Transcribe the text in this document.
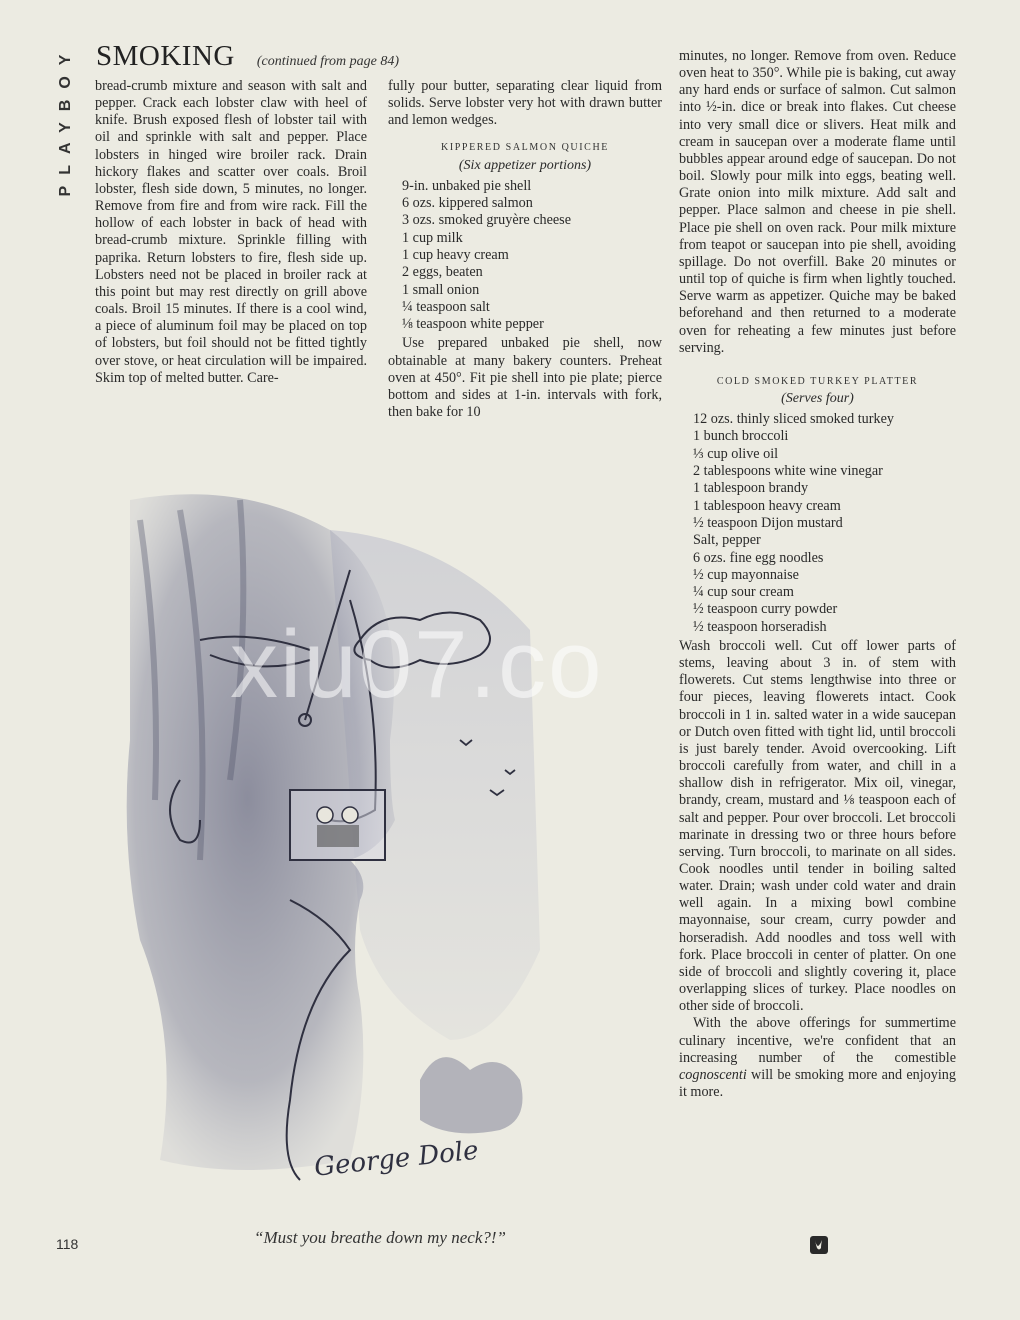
PLAYBOY SMOKING (continued from page 84)

bread-crumb mixture and season with salt and pepper. Crack each lobster claw with heel of knife. Brush exposed flesh of lobster tail with oil and sprinkle with salt and pepper. Place lobsters in hinged wire broiler rack. Drain hickory flakes and scatter over coals. Broil lobster, flesh side down, 5 minutes, no longer. Remove from fire and from wire rack. Fill the hollow of each lobster in back of head with bread-crumb mixture. Sprinkle filling with paprika. Return lobsters to fire, flesh side up. Lobsters need not be placed in broiler rack at this point but may rest directly on grill above coals. Broil 15 minutes. If there is a cool wind, a piece of aluminum foil may be placed on top of lobsters, but foil should not be fitted tightly over stove, or heat circulation will be impaired. Skim top of melted butter. Care-

fully pour butter, separating clear liquid from solids. Serve lobster very hot with drawn butter and lemon wedges.

KIPPERED SALMON QUICHE
(Six appetizer portions)
9-in. unbaked pie shell
6 ozs. kippered salmon
3 ozs. smoked gruyère cheese
1 cup milk
1 cup heavy cream
2 eggs, beaten
1 small onion
¼ teaspoon salt
⅛ teaspoon white pepper

Use prepared unbaked pie shell, now obtainable at many bakery counters. Preheat oven at 450°. Fit pie shell into pie plate; pierce bottom and sides at 1-in. intervals with fork, then bake for 10

minutes, no longer. Remove from oven. Reduce oven heat to 350°. While pie is baking, cut away any hard ends or surface of salmon. Cut salmon into ½-in. dice or break into flakes. Cut cheese into very small dice or slivers. Heat milk and cream in saucepan over a moderate flame until bubbles appear around edge of saucepan. Do not boil. Slowly pour milk into eggs, beating well. Grate onion into milk mixture. Add salt and pepper. Place salmon and cheese in pie shell. Place pie shell on oven rack. Pour milk mixture from teapot or saucepan into pie shell, avoiding spillage. Do not overfill. Bake 20 minutes or until top of quiche is firm when lightly touched. Serve warm as appetizer. Quiche may be baked beforehand and then returned to a moderate oven for reheating a few minutes just before serving.

COLD SMOKED TURKEY PLATTER
(Serves four)
12 ozs. thinly sliced smoked turkey
1 bunch broccoli
⅓ cup olive oil
2 tablespoons white wine vinegar
1 tablespoon brandy
1 tablespoon heavy cream
½ teaspoon Dijon mustard
Salt, pepper
6 ozs. fine egg noodles
½ cup mayonnaise
¼ cup sour cream
½ teaspoon curry powder
½ teaspoon horseradish

Wash broccoli well. Cut off lower parts of stems, leaving about 3 in. of stem with flowerets. Cut stems lengthwise into three or four pieces, leaving flowerets intact. Cook broccoli in 1 in. salted water in a wide saucepan or Dutch oven fitted with tight lid, until broccoli is just barely tender. Avoid overcooking. Lift broccoli carefully from water, and chill in a shallow dish in refrigerator. Mix oil, vinegar, brandy, cream, mustard and ⅛ teaspoon each of salt and pepper. Pour over broccoli. Let broccoli marinate in dressing two or three hours before serving. Turn broccoli, to marinate on all sides. Cook noodles until tender in boiling salted water. Drain; wash under cold water and drain well again. In a mixing bowl combine mayonnaise, sour cream, curry powder and horseradish. Add noodles and toss well with fork. Place broccoli in center of platter. On one side of broccoli and slightly covering it, place overlapping slices of turkey. Place noodles on other side of broccoli.

With the above offerings for summertime culinary incentive, we're confident that an increasing number of the comestible cognoscenti will be smoking more and enjoying it more.

George Dole
xiu07.co
“Must you breathe down my neck?!”
118
